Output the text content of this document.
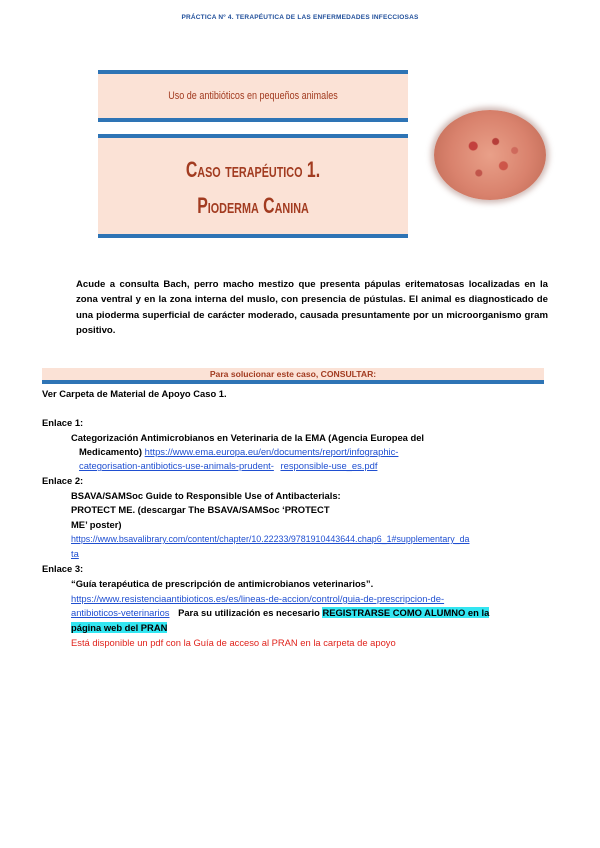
PRÁCTICA Nº 4. TERAPÉUTICA DE LAS ENFERMEDADES INFECCIOSAS
Uso de antibióticos en pequeños animales
Caso terapéutico 1.
Pioderma Canina
Acude a consulta Bach, perro macho mestizo que presenta pápulas eritematosas localizadas en la zona ventral y en la zona interna del muslo, con presencia de pústulas. El animal es diagnosticado de una pioderma superficial de carácter moderado, causada presuntamente por un microorganismo gram positivo.
Para solucionar este caso, CONSULTAR:
Ver Carpeta de Material de Apoyo Caso 1.
Enlace 1:
Categorización Antimicrobianos en Veterinaria de la EMA (Agencia Europea del
Medicamento) https://www.ema.europa.eu/en/documents/report/infographic-
categorisation-antibiotics-use-animals-prudent- responsible-use_es.pdf
Enlace 2:
BSAVA/SAMSoc Guide to Responsible Use of Antibacterials:
PROTECT ME. (descargar The BSAVA/SAMSoc ‘PROTECT
ME’ poster)
https://www.bsavalibrary.com/content/chapter/10.22233/9781910443644.chap6_1#supplementary_da
ta
Enlace 3:
“Guía terapéutica de prescripción de antimicrobianos veterinarios”.
https://www.resistenciaantibioticos.es/es/lineas-de-accion/control/guia-de-prescripcion-de-
antibioticos-veterinarios Para su utilización es necesario REGISTRARSE COMO ALUMNO en la
página web del PRAN
Está disponible un pdf con la Guía de acceso al PRAN en la carpeta de apoyo
